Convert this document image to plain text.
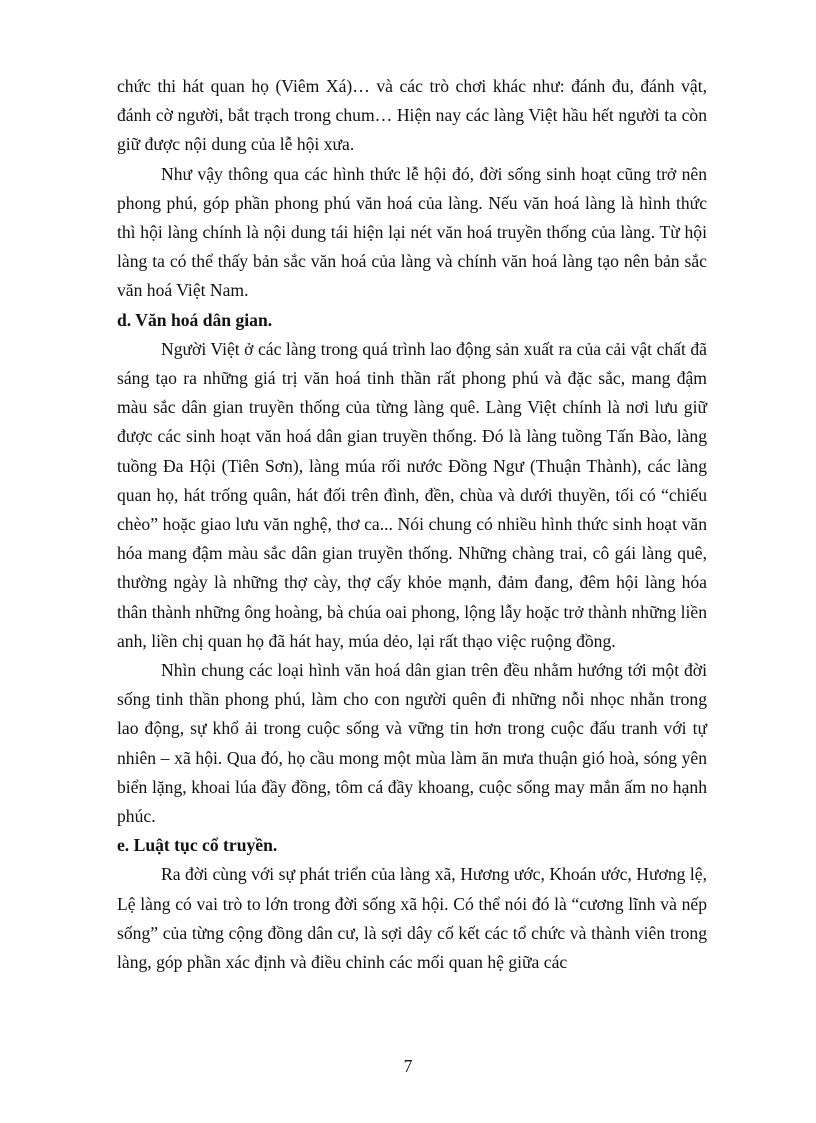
chức thi hát quan họ (Viêm Xá)… và các trò chơi khác như: đánh đu, đánh vật, đánh cờ người, bắt trạch trong chum… Hiện nay các làng Việt hầu hết người ta còn giữ được nội dung của lễ hội xưa.

Như vậy thông qua các hình thức lễ hội đó, đời sống sinh hoạt cũng trở nên phong phú, góp phần phong phú văn hoá của làng. Nếu văn hoá làng là hình thức thì hội làng chính là nội dung tái hiện lại nét văn hoá truyền thống của làng. Từ hội làng ta có thể thấy bản sắc văn hoá của làng và chính văn hoá làng tạo nên bản sắc văn hoá Việt Nam.

d. Văn hoá dân gian.

Người Việt ở các làng trong quá trình lao động sản xuất ra của cải vật chất đã sáng tạo ra những giá trị văn hoá tinh thần rất phong phú và đặc sắc, mang đậm màu sắc dân gian truyền thống của từng làng quê. Làng Việt chính là nơi lưu giữ được các sinh hoạt văn hoá dân gian truyền thống. Đó là làng tuồng Tấn Bào, làng tuồng Đa Hội (Tiên Sơn), làng múa rối nước Đồng Ngư (Thuận Thành), các làng quan họ, hát trống quân, hát đối trên đình, đền, chùa và dưới thuyền, tối có “chiếu chèo” hoặc giao lưu văn nghệ, thơ ca... Nói chung có nhiều hình thức sinh hoạt văn hóa mang đậm màu sắc dân gian truyền thống. Những chàng trai, cô gái làng quê, thường ngày là những thợ cày, thợ cấy khỏe mạnh, đảm đang, đêm hội làng hóa thân thành những ông hoàng, bà chúa oai phong, lộng lẫy hoặc trở thành những liền anh, liền chị quan họ đã hát hay, múa dẻo, lại rất thạo việc ruộng đồng.

Nhìn chung các loại hình văn hoá dân gian trên đều nhằm hướng tới một đời sống tinh thần phong phú, làm cho con người quên đi những nỗi nhọc nhằn trong lao động, sự khổ ải trong cuộc sống và vững tin hơn trong cuộc đấu tranh với tự nhiên – xã hội. Qua đó, họ cầu mong một mùa làm ăn mưa thuận gió hoà, sóng yên biển lặng, khoai lúa đầy đồng, tôm cá đầy khoang, cuộc sống may mắn ấm no hạnh phúc.

e. Luật tục cổ truyền.

Ra đời cùng với sự phát triển của làng xã, Hương ước, Khoán ước, Hương lệ, Lệ làng có vai trò to lớn trong đời sống xã hội. Có thể nói đó là “cương lĩnh và nếp sống” của từng cộng đồng dân cư, là sợi dây cố kết các tổ chức và thành viên trong làng, góp phần xác định và điều chỉnh các mối quan hệ giữa các

7
